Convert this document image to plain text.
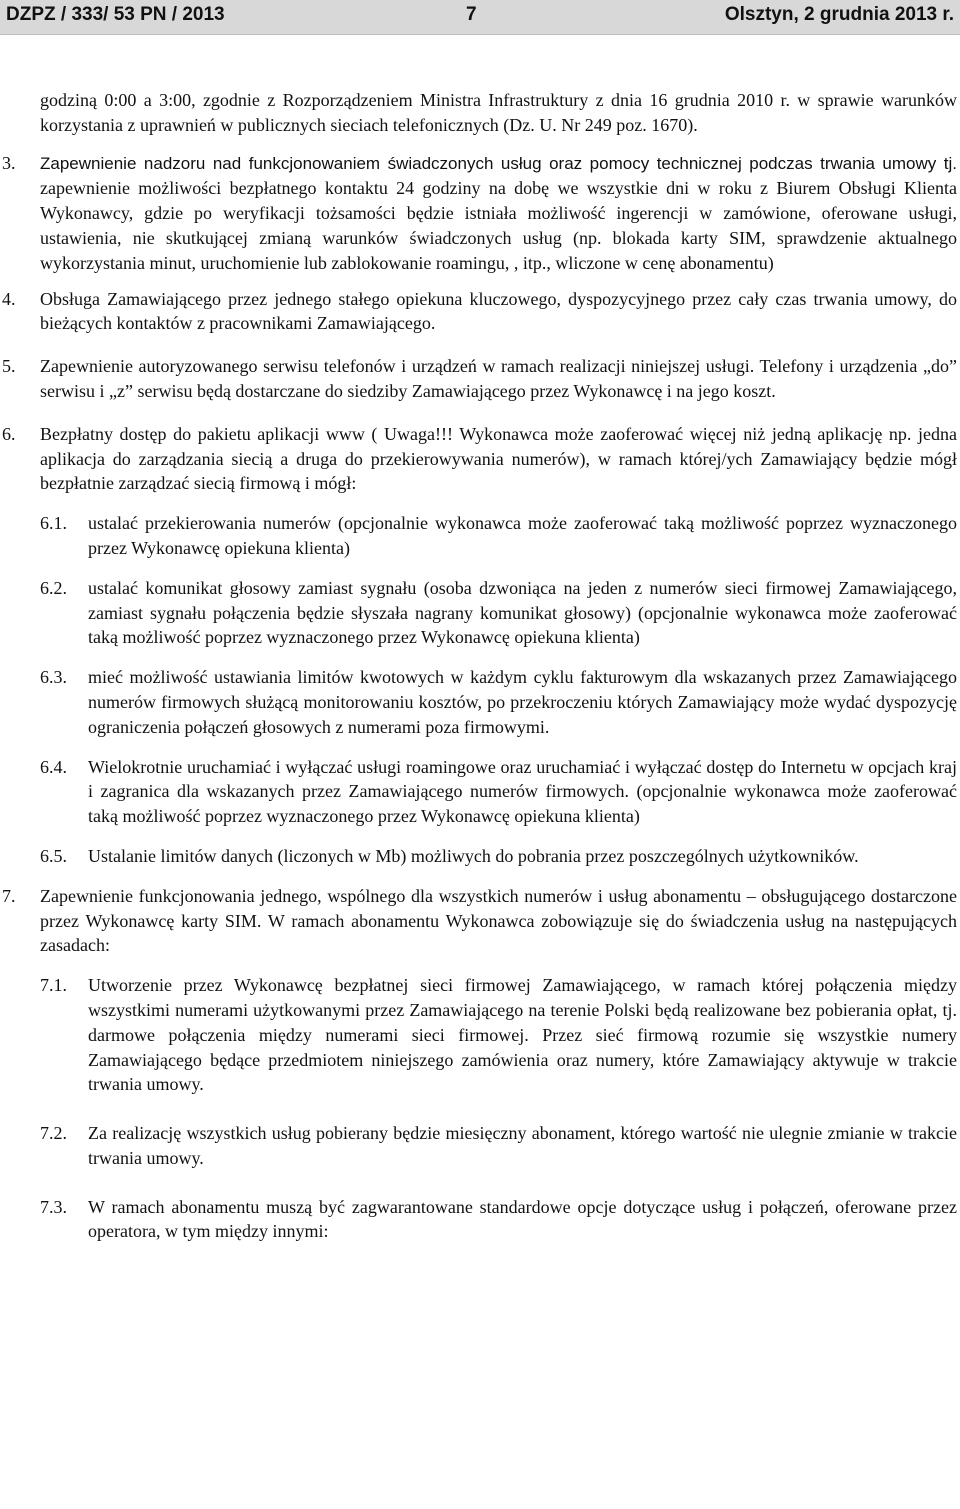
DZPZ / 333/ 53 PN / 2013	7	Olsztyn, 2 grudnia 2013 r.
godziną 0:00 a 3:00, zgodnie z Rozporządzeniem Ministra Infrastruktury z dnia 16 grudnia 2010 r. w sprawie warunków korzystania z uprawnień w publicznych sieciach telefonicznych (Dz. U. Nr 249 poz. 1670).
3. Zapewnienie nadzoru nad funkcjonowaniem świadczonych usług oraz pomocy technicznej podczas trwania umowy tj. zapewnienie możliwości bezpłatnego kontaktu 24 godziny na dobę we wszystkie dni w roku z Biurem Obsługi Klienta Wykonawcy, gdzie po weryfikacji tożsamości będzie istniała możliwość ingerencji w zamówione, oferowane usługi, ustawienia, nie skutkującej zmianą warunków świadczonych usług (np. blokada karty SIM, sprawdzenie aktualnego wykorzystania minut, uruchomienie lub zablokowanie roamingu, , itp., wliczone w cenę abonamentu)
4. Obsługa Zamawiającego przez jednego stałego opiekuna kluczowego, dyspozycyjnego przez cały czas trwania umowy, do bieżących kontaktów z pracownikami Zamawiającego.
5. Zapewnienie autoryzowanego serwisu telefonów i urządzeń w ramach realizacji niniejszej usługi. Telefony i urządzenia „do” serwisu i „z” serwisu będą dostarczane do siedziby Zamawiającego przez Wykonawcę i na jego koszt.
6. Bezpłatny dostęp do pakietu aplikacji www ( Uwaga!!! Wykonawca może zaoferować więcej niż jedną aplikację np. jedna aplikacja do zarządzania siecią a druga do przekierowywania numerów), w ramach której/ych Zamawiający będzie mógł bezpłatnie zarządzać siecią firmową i mógł:
6.1. ustalać przekierowania numerów (opcjonalnie wykonawca może zaoferować taką możliwość poprzez wyznaczonego przez Wykonawcę opiekuna klienta)
6.2. ustalać komunikat głosowy zamiast sygnału (osoba dzwoniąca na jeden z numerów sieci firmowej Zamawiającego, zamiast sygnału połączenia będzie słyszała nagrany komunikat głosowy) (opcjonalnie wykonawca może zaoferować taką możliwość poprzez wyznaczonego przez Wykonawcę opiekuna klienta)
6.3. mieć możliwość ustawiania limitów kwotowych w każdym cyklu fakturowym dla wskazanych przez Zamawiającego numerów firmowych służącą monitorowaniu kosztów, po przekroczeniu których Zamawiający może wydać dyspozycję ograniczenia połączeń głosowych z numerami poza firmowymi.
6.4. Wielokrotnie uruchamiać i wyłączać usługi roamingowe oraz uruchamiać i wyłączać dostęp do Internetu w opcjach kraj i zagranica dla wskazanych przez Zamawiającego numerów firmowych. (opcjonalnie wykonawca może zaoferować taką możliwość poprzez wyznaczonego przez Wykonawcę opiekuna klienta)
6.5. Ustalanie limitów danych (liczonych w Mb) możliwych do pobrania przez poszczególnych użytkowników.
7. Zapewnienie funkcjonowania jednego, wspólnego dla wszystkich numerów i usług abonamentu – obsługującego dostarczone przez Wykonawcę karty SIM. W ramach abonamentu Wykonawca zobowiązuje się do świadczenia usług na następujących zasadach:
7.1. Utworzenie przez Wykonawcę bezpłatnej sieci firmowej Zamawiającego, w ramach której połączenia między wszystkimi numerami użytkowanymi przez Zamawiającego na terenie Polski będą realizowane bez pobierania opłat, tj. darmowe połączenia między numerami sieci firmowej. Przez sieć firmową rozumie się wszystkie numery Zamawiającego będące przedmiotem niniejszego zamówienia oraz numery, które Zamawiający aktywuje w trakcie trwania umowy.
7.2. Za realizację wszystkich usług pobierany będzie miesięczny abonament, którego wartość nie ulegnie zmianie w trakcie trwania umowy.
7.3. W ramach abonamentu muszą być zagwarantowane standardowe opcje dotyczące usług i połączeń, oferowane przez operatora, w tym między innymi:
